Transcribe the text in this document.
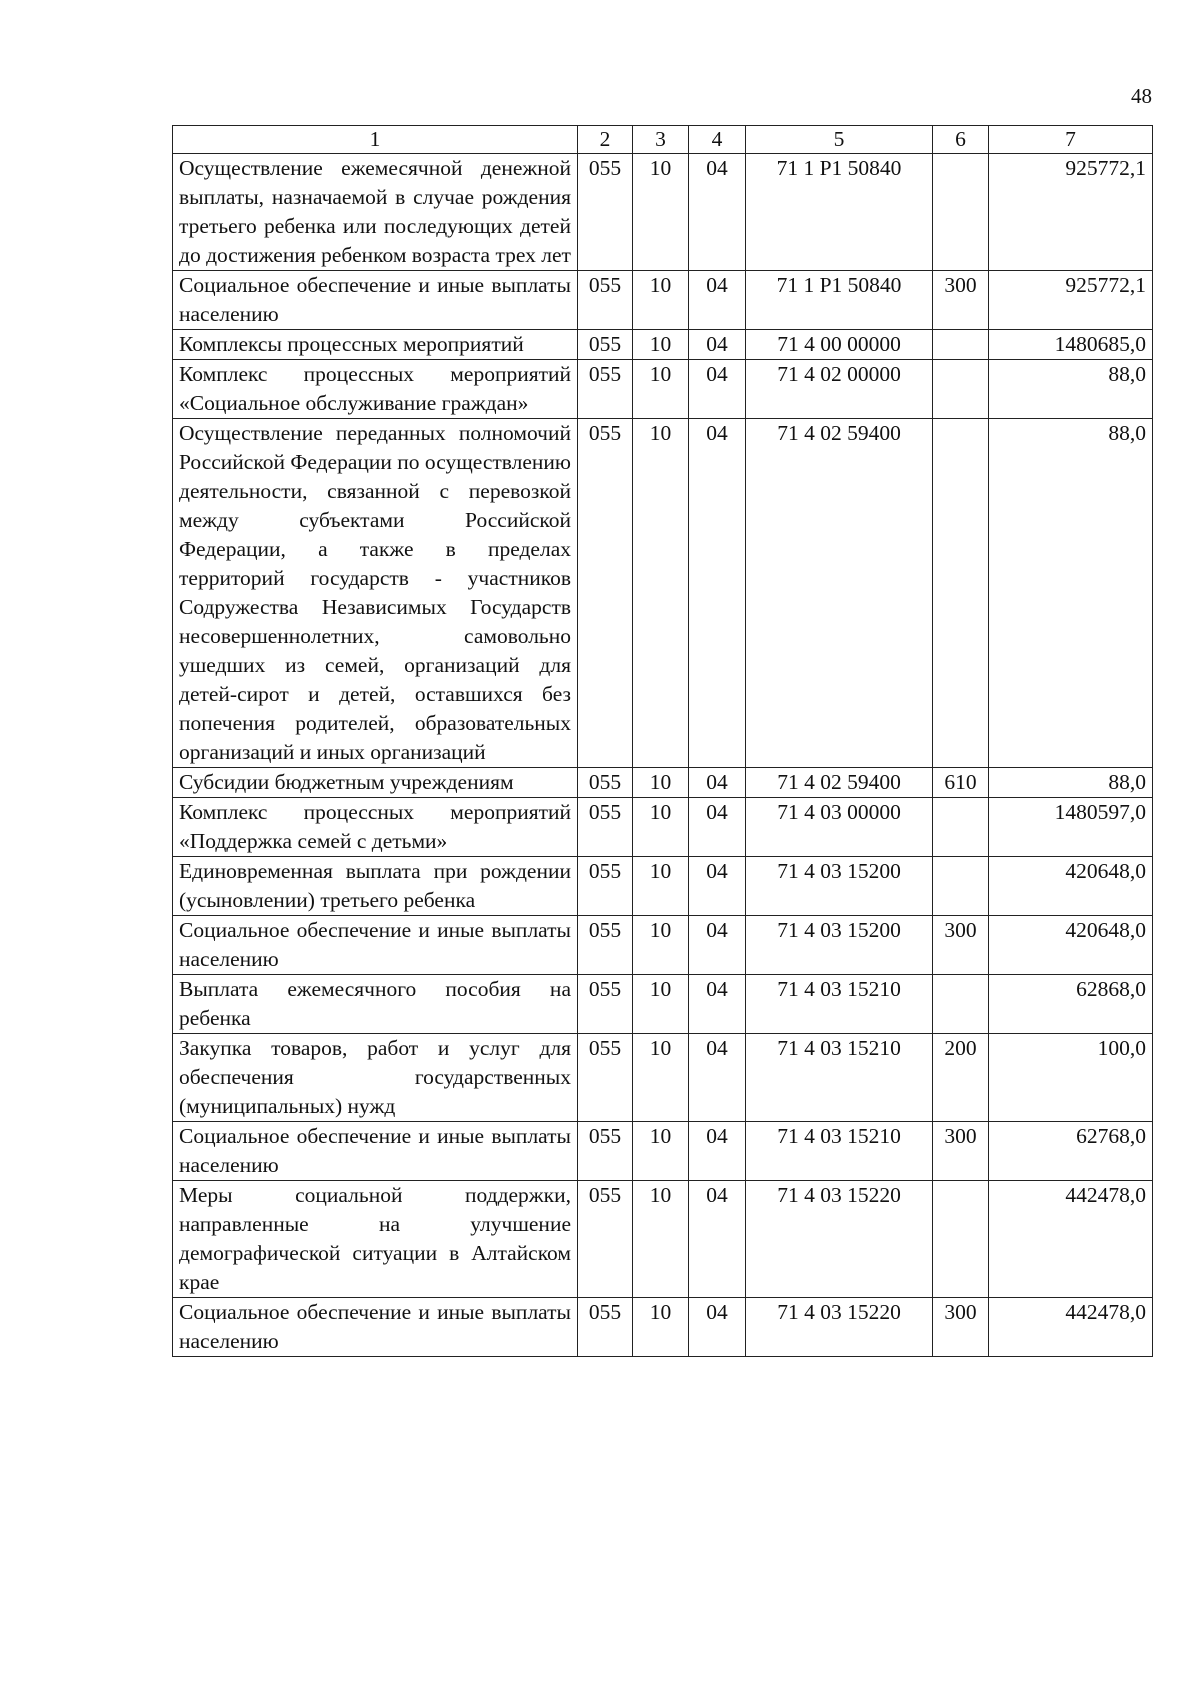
48
1	2	3	4	5	6	7
Осуществление ежемесячной денежной выплаты, назначаемой в случае рождения третьего ребенка или последующих детей до достижения ребенком возраста трех лет	055	10	04	71 1 P1 50840		925772,1
Социальное обеспечение и иные выплаты населению	055	10	04	71 1 P1 50840	300	925772,1
Комплексы процессных мероприятий	055	10	04	71 4 00 00000		1480685,0
Комплекс процессных мероприятий «Социальное обслуживание граждан»	055	10	04	71 4 02 00000		88,0
Осуществление переданных полномочий Российской Федерации по осуществлению деятельности, связанной с перевозкой между субъектами Российской Федерации, а также в пределах территорий государств - участников Содружества Независимых Государств несовершеннолетних, самовольно ушедших из семей, организаций для детей-сирот и детей, оставшихся без попечения родителей, образовательных организаций и иных организаций	055	10	04	71 4 02 59400		88,0
Субсидии бюджетным учреждениям	055	10	04	71 4 02 59400	610	88,0
Комплекс процессных мероприятий «Поддержка семей с детьми»	055	10	04	71 4 03 00000		1480597,0
Единовременная выплата при рождении (усыновлении) третьего ребенка	055	10	04	71 4 03 15200		420648,0
Социальное обеспечение и иные выплаты населению	055	10	04	71 4 03 15200	300	420648,0
Выплата ежемесячного пособия на ребенка	055	10	04	71 4 03 15210		62868,0
Закупка товаров, работ и услуг для обеспечения государственных (муниципальных) нужд	055	10	04	71 4 03 15210	200	100,0
Социальное обеспечение и иные выплаты населению	055	10	04	71 4 03 15210	300	62768,0
Меры социальной поддержки, направленные на улучшение демографической ситуации в Алтайском крае	055	10	04	71 4 03 15220		442478,0
Социальное обеспечение и иные выплаты населению	055	10	04	71 4 03 15220	300	442478,0
